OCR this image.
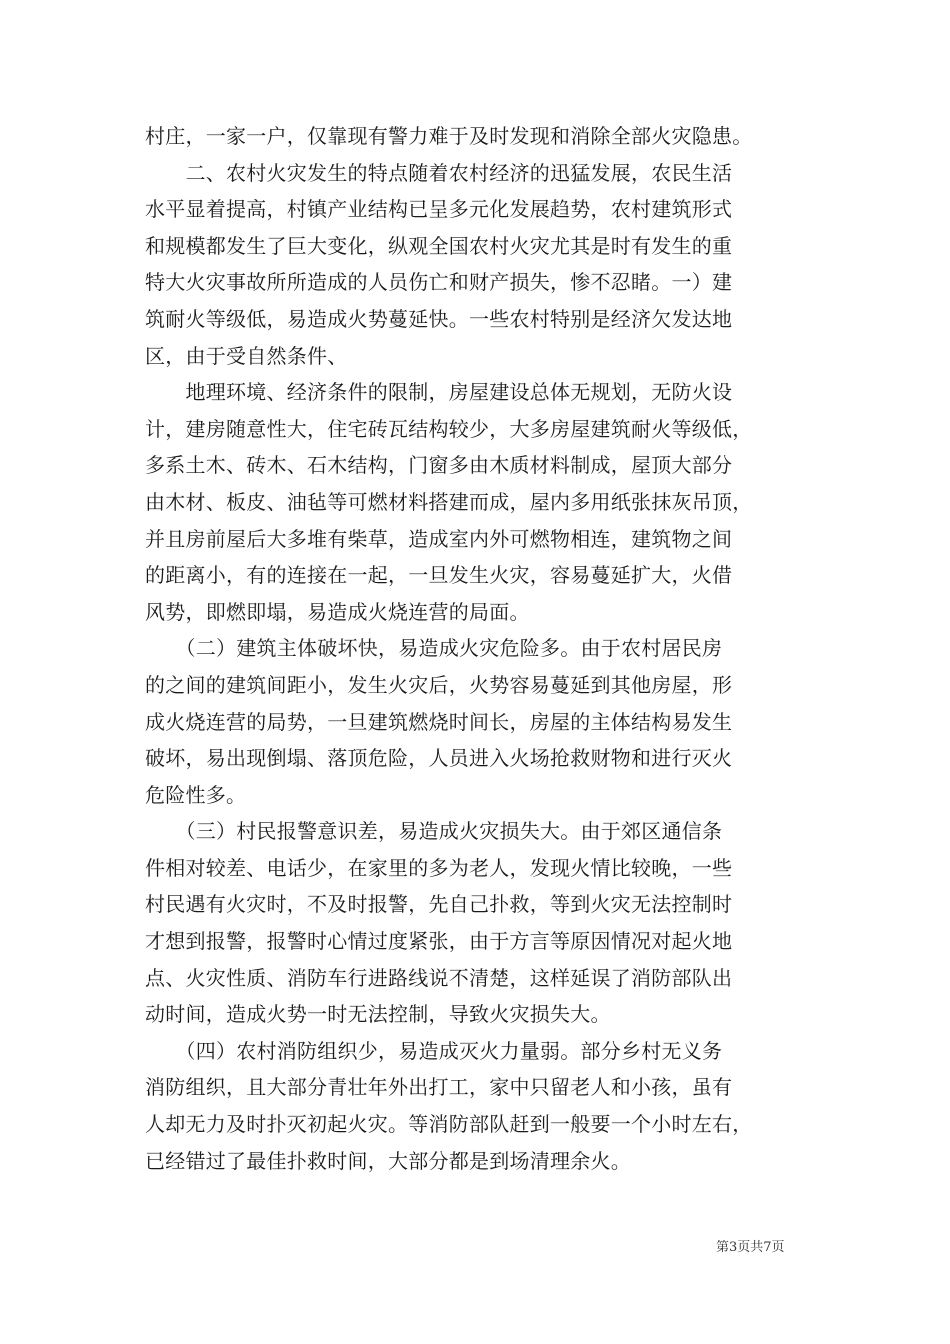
村庄，一家一户，仅靠现有警力难于及时发现和消除全部火灾隐患。
　　二、农村火灾发生的特点随着农村经济的迅猛发展，农民生活
水平显着提高，村镇产业结构已呈多元化发展趋势，农村建筑形式
和规模都发生了巨大变化，纵观全国农村火灾尤其是时有发生的重
特大火灾事故所所造成的人员伤亡和财产损失，惨不忍睹。一）建
筑耐火等级低，易造成火势蔓延快。一些农村特别是经济欠发达地
区，由于受自然条件、
　　地理环境、经济条件的限制，房屋建设总体无规划，无防火设
计，建房随意性大，住宅砖瓦结构较少，大多房屋建筑耐火等级低，
多系土木、砖木、石木结构，门窗多由木质材料制成，屋顶大部分
由木材、板皮、油毡等可燃材料搭建而成，屋内多用纸张抹灰吊顶，
并且房前屋后大多堆有柴草，造成室内外可燃物相连，建筑物之间
的距离小，有的连接在一起，一旦发生火灾，容易蔓延扩大，火借
风势，即燃即塌，易造成火烧连营的局面。
　　（二）建筑主体破坏快，易造成火灾危险多。由于农村居民房
的之间的建筑间距小，发生火灾后，火势容易蔓延到其他房屋，形
成火烧连营的局势，一旦建筑燃烧时间长，房屋的主体结构易发生
破坏，易出现倒塌、落顶危险，人员进入火场抢救财物和进行灭火
危险性多。
　　（三）村民报警意识差，易造成火灾损失大。由于郊区通信条
件相对较差、电话少，在家里的多为老人，发现火情比较晚，一些
村民遇有火灾时，不及时报警，先自己扑救，等到火灾无法控制时
才想到报警，报警时心情过度紧张，由于方言等原因情况对起火地
点、火灾性质、消防车行进路线说不清楚，这样延误了消防部队出
动时间，造成火势一时无法控制，导致火灾损失大。
　　（四）农村消防组织少，易造成灭火力量弱。部分乡村无义务
消防组织，且大部分青壮年外出打工，家中只留老人和小孩，虽有
人却无力及时扑灭初起火灾。等消防部队赶到一般要一个小时左右，
已经错过了最佳扑救时间，大部分都是到场清理余火。
第3页共7页
